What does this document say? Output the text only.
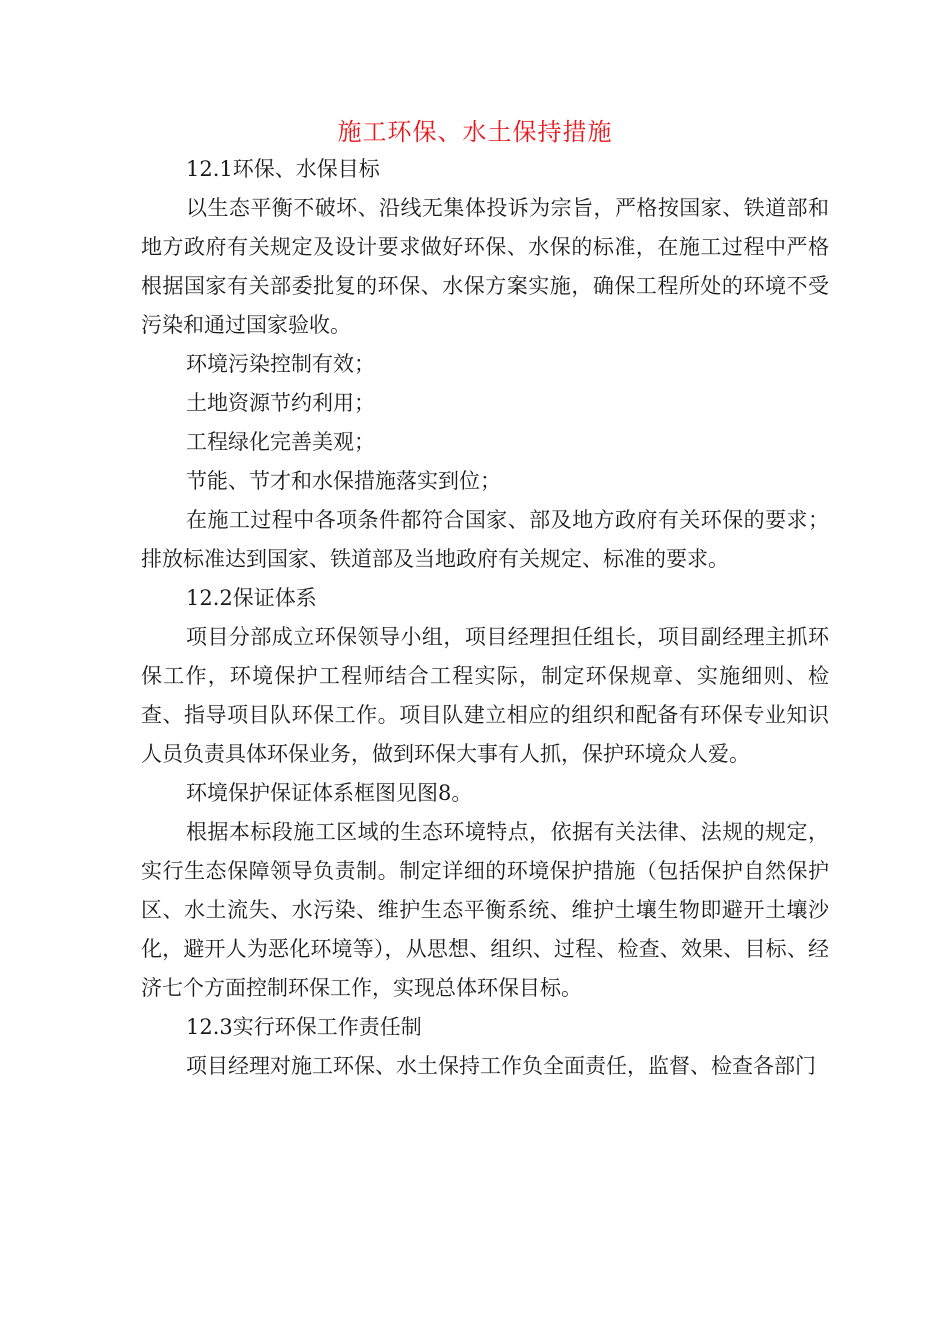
施工环保、水土保持措施
12.1环保、水保目标
以生态平衡不破坏、沿线无集体投诉为宗旨，严格按国家、铁道部和地方政府有关规定及设计要求做好环保、水保的标准，在施工过程中严格根据国家有关部委批复的环保、水保方案实施，确保工程所处的环境不受污染和通过国家验收。
环境污染控制有效；
土地资源节约利用；
工程绿化完善美观；
节能、节才和水保措施落实到位；
在施工过程中各项条件都符合国家、部及地方政府有关环保的要求；排放标准达到国家、铁道部及当地政府有关规定、标准的要求。
12.2保证体系
项目分部成立环保领导小组，项目经理担任组长，项目副经理主抓环保工作，环境保护工程师结合工程实际，制定环保规章、实施细则、检查、指导项目队环保工作。项目队建立相应的组织和配备有环保专业知识人员负责具体环保业务，做到环保大事有人抓，保护环境众人爱。
环境保护保证体系框图见图8。
根据本标段施工区域的生态环境特点，依据有关法律、法规的规定，实行生态保障领导负责制。制定详细的环境保护措施（包括保护自然保护区、水土流失、水污染、维护生态平衡系统、维护土壤生物即避开土壤沙化，避开人为恶化环境等），从思想、组织、过程、检查、效果、目标、经济七个方面控制环保工作，实现总体环保目标。
12.3实行环保工作责任制
项目经理对施工环保、水土保持工作负全面责任，监督、检查各部门
